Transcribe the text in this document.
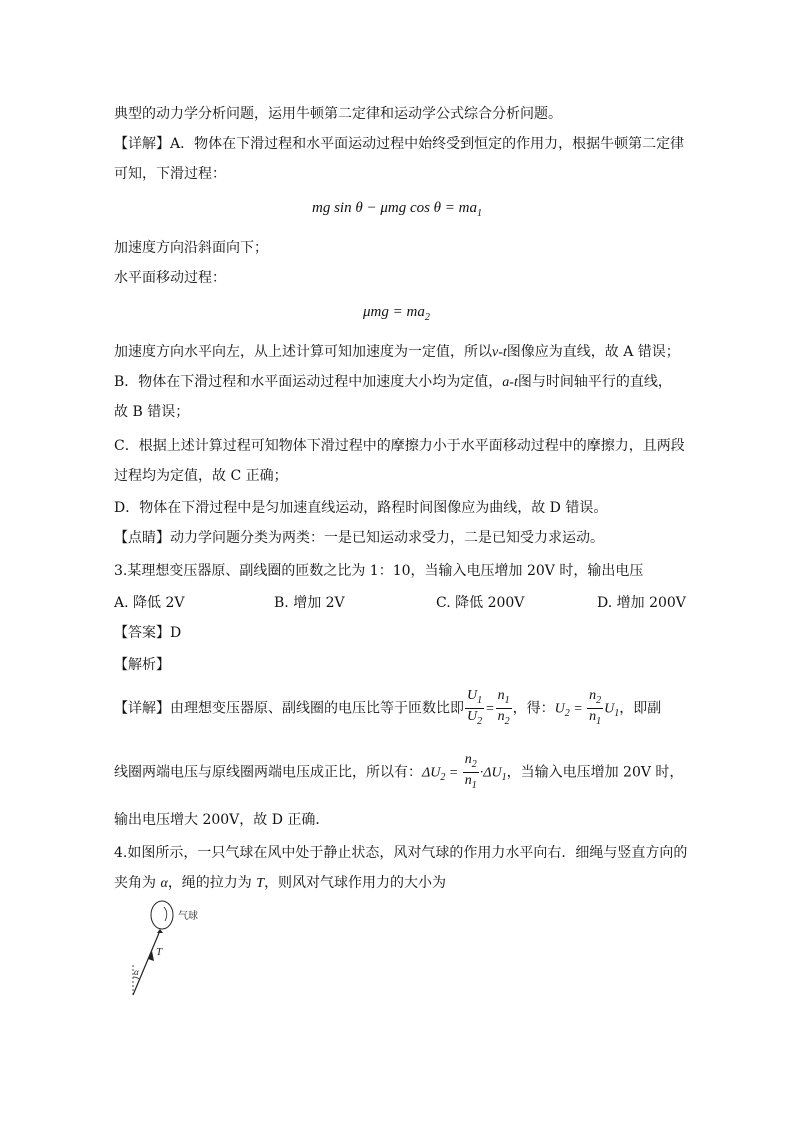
典型的动力学分析问题，运用牛顿第二定律和运动学公式综合分析问题。
【详解】A．物体在下滑过程和水平面运动过程中始终受到恒定的作用力，根据牛顿第二定律
可知，下滑过程：
mg sin θ − μmg $\cos \theta = ma_1$
加速度方向沿斜面向下；
水平面移动过程：
$\mu mg = ma_2$
加速度方向水平向左，从上述计算可知加速度为一定值，所以v-t图像应为直线，故 A 错误；
B．物体在下滑过程和水平面运动过程中加速度大小均为定值，a-t图与时间轴平行的直线，
故 B 错误；
C．根据上述计算过程可知物体下滑过程中的摩擦力小于水平面移动过程中的摩擦力，且两段
过程均为定值，故 C 正确；
D．物体在下滑过程中是匀加速直线运动，路程时间图像应为曲线，故 D 错误。
【点睛】动力学问题分类为两类：一是已知运动求受力，二是已知受力求运动。
3.某理想变压器原、副线圈的匝数之比为 1：10，当输入电压增加 20V 时，输出电压
A. 降低 2V	B. 增加 2V	C. 降低 200V	D. 增加 200V
【答案】D
【解析】
【详解】由理想变压器原、副线圈的电压比等于匝数比即 $\frac{U_1}{U_2} = \frac{n_1}{n_2}$ ，得：$U_2 = \frac{n_2}{n_1} U_1$，即副
线圈两端电压与原线圈两端电压成正比，所以有：$\Delta U_2 = \frac{n_2}{n_1} \cdot\Delta U_1$，当输入电压增加 20V 时，
输出电压增大 200V，故 D 正确．
4.如图所示，一只气球在风中处于静止状态，风对气球的作用力水平向右．细绳与竖直方向的
夹角为 α，绳的拉力为 T，则风对气球作用力的大小为
气球
T
α
